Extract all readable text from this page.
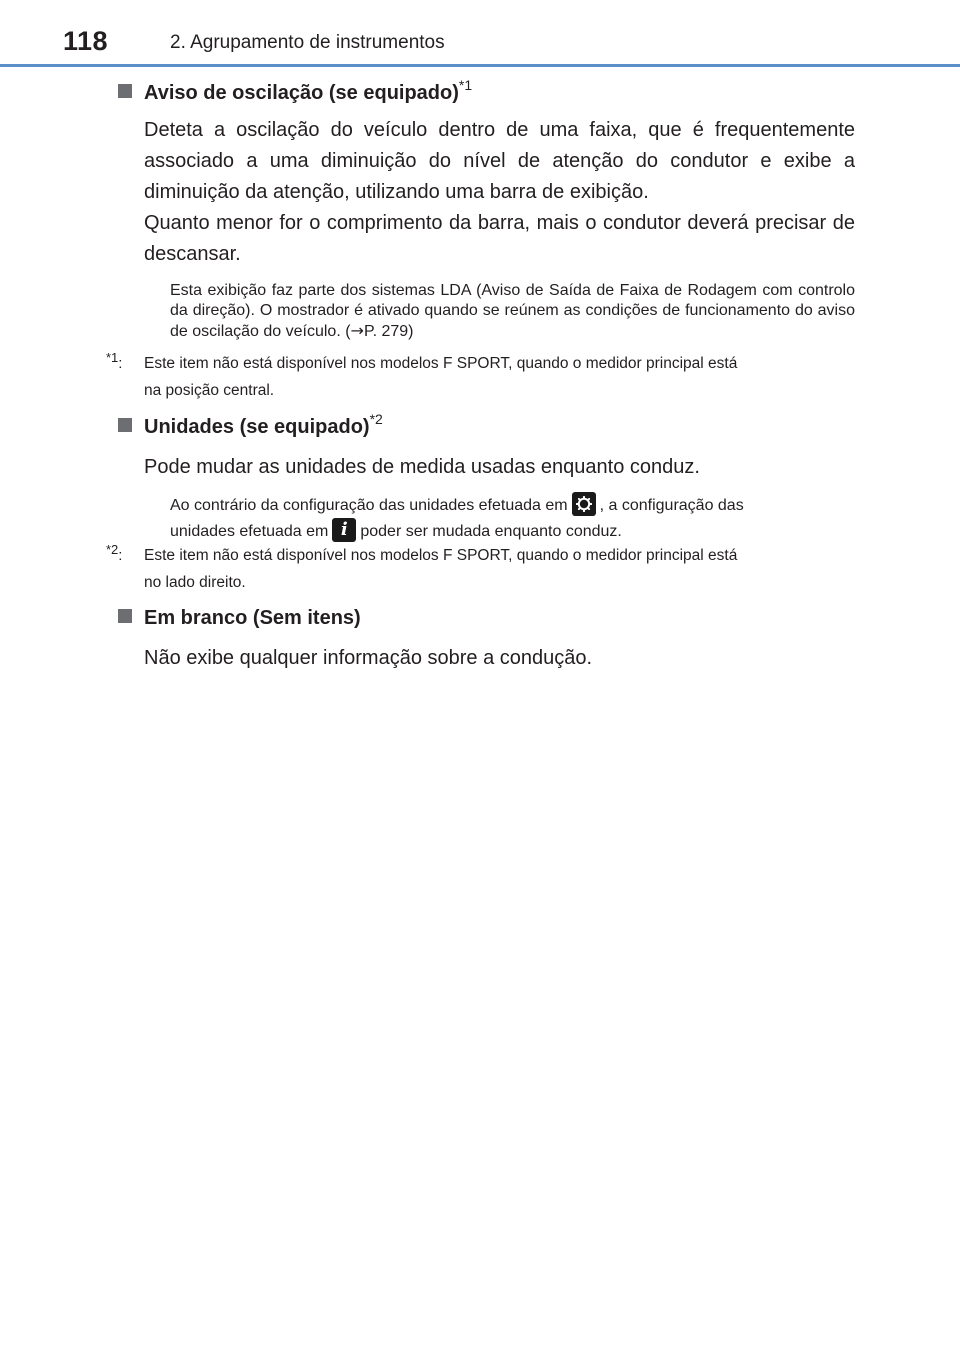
118	2. Agrupamento de instrumentos
Aviso de oscilação (se equipado)$^{*1}$
Deteta a oscilação do veículo dentro de uma faixa, que é frequentemente associado a uma diminuição do nível de atenção do condutor e exibe a diminuição da atenção, utilizando uma barra de exibição.
Quanto menor for o comprimento da barra, mais o condutor deverá precisar de descansar.
Esta exibição faz parte dos sistemas LDA (Aviso de Saída de Faixa de Rodagem com controlo da direção). O mostrador é ativado quando se reúnem as condições de funcionamento do aviso de oscilação do veículo. (→P. 279)
$^{*1}$: Este item não está disponível nos modelos F SPORT, quando o medidor principal está
na posição central.
Unidades (se equipado)$^{*2}$
Pode mudar as unidades de medida usadas enquanto conduz.
Ao contrário da configuração das unidades efetuada em , a configuração das
unidades efetuada em i poder ser mudada enquanto conduz.
$^{*2}$: Este item não está disponível nos modelos F SPORT, quando o medidor principal está
no lado direito.
Em branco (Sem itens)
Não exibe qualquer informação sobre a condução.
